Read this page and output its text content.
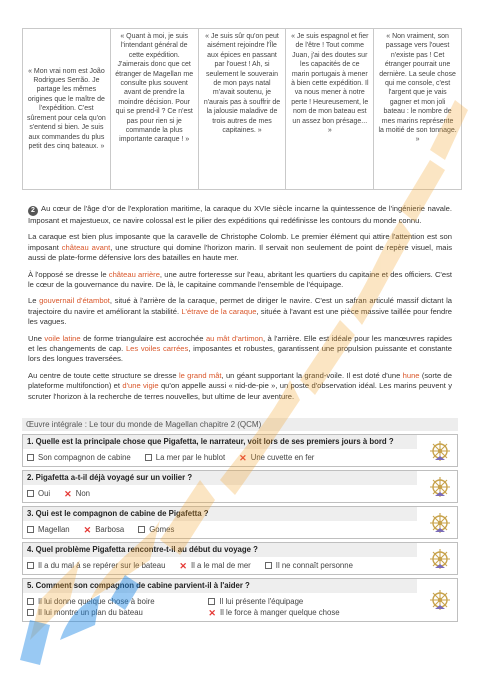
« Mon vrai nom est João Rodrigues Serrão. Je partage les mêmes origines que le maître de l'expédition. C'est sûrement pour cela qu'on s'entend si bien. Je suis aux commandes du plus petit des cinq bateaux. »
« Quant à moi, je suis l'intendant général de cette expédition. J'aimerais donc que cet étranger de Magellan me consulte plus souvent avant de prendre la moindre décision. Pour qui se prend-il ? Ce n'est pas pour rien si je commande la plus importante caraque ! »
« Je suis sûr qu'on peut aisément rejoindre l'Île aux épices en passant par l'ouest ! Ah, si seulement le souverain de mon pays natal m'avait soutenu, je n'aurais pas à souffrir de la jalousie maladive de trois autres de mes capitaines. »
« Je suis espagnol et fier de l'être ! Tout comme Juan, j'ai des doutes sur les capacités de ce marin portugais à mener à bien cette expédition. Il va nous mener à notre perte ! Heureusement, le nom de mon bateau est un assez bon présage... »
« Non vraiment, son passage vers l'ouest n'existe pas ! Cet étranger pourrait une dernière. La seule chose qui me console, c'est l'argent que je vais gagner et mon joli bateau : le nombre de mes marins représente la moitié de son tonnage. »

2 Au cœur de l'âge d'or de l'exploration maritime, la caraque du XVIe siècle incarne la quintessence de l'ingénierie navale. Imposant et majestueux, ce navire colossal est le pilier des expéditions qui redéfinisse les contours du monde connu.

La caraque est bien plus imposante que la caravelle de Christophe Colomb. Le premier élément qui attire l'attention est son imposant château avant, une structure qui domine l'horizon marin. Il servait non seulement de point de repère visuel, mais aussi de plate-forme défensive lors des batailles en haute mer.

À l'opposé se dresse le château arrière, une autre forteresse sur l'eau, abritant les quartiers du capitaine et des officiers. C'est le cœur de la gouvernance du navire. De là, le capitaine commande l'ensemble de l'équipage.

Le gouvernail d'étambot, situé à l'arrière de la caraque, permet de diriger le navire. C'est un safran articulé massif dictant la trajectoire du navire et améliorant la stabilité. L'étrave de la caraque, située à l'avant est une pièce massive taillée pour fendre les vagues.

Une voile latine de forme triangulaire est accrochée au mât d'artimon, à l'arrière. Elle est idéale pour les manœuvres rapides et les changements de cap. Les voiles carrées, imposantes et robustes, garantissent une propulsion puissante et constante lors des longues traversées.

Au centre de toute cette structure se dresse le grand mât, un géant supportant la grand-voile. Il est doté d'une hune (sorte de plateforme multifonction) et d'une vigie qu'on appelle aussi « nid-de-pie », un poste d'observation idéal. Les marins peuvent y scruter l'horizon à la recherche de terres nouvelles, but ultime de leur aventure.

Œuvre intégrale : Le tour du monde de Magellan chapitre 2 (QCM)
1. Quelle est la principale chose que Pigafetta, le narrateur, voit lors de ses premiers jours à bord ?
Son compagnon de cabine	La mer par le hublot ✕ Une cuvette en fer
2. Pigafetta a-t-il déjà voyagé sur un voilier ?
Oui ✕ Non
3. Qui est le compagnon de cabine de Pigafetta ?
Magellan ✕ Barbosa	Gomes
4. Quel problème Pigafetta rencontre-t-il au début du voyage ?
Il a du mal à se repérer sur le bateau ✕ Il a le mal de mer	Il ne connaît personne
5. Comment son compagnon de cabine parvient-il à l'aider ?
Il lui donne quelque chose à boire	Il lui présente l'équipage
Il lui montre un plan du bateau	✕ Il le force à manger quelque chose
